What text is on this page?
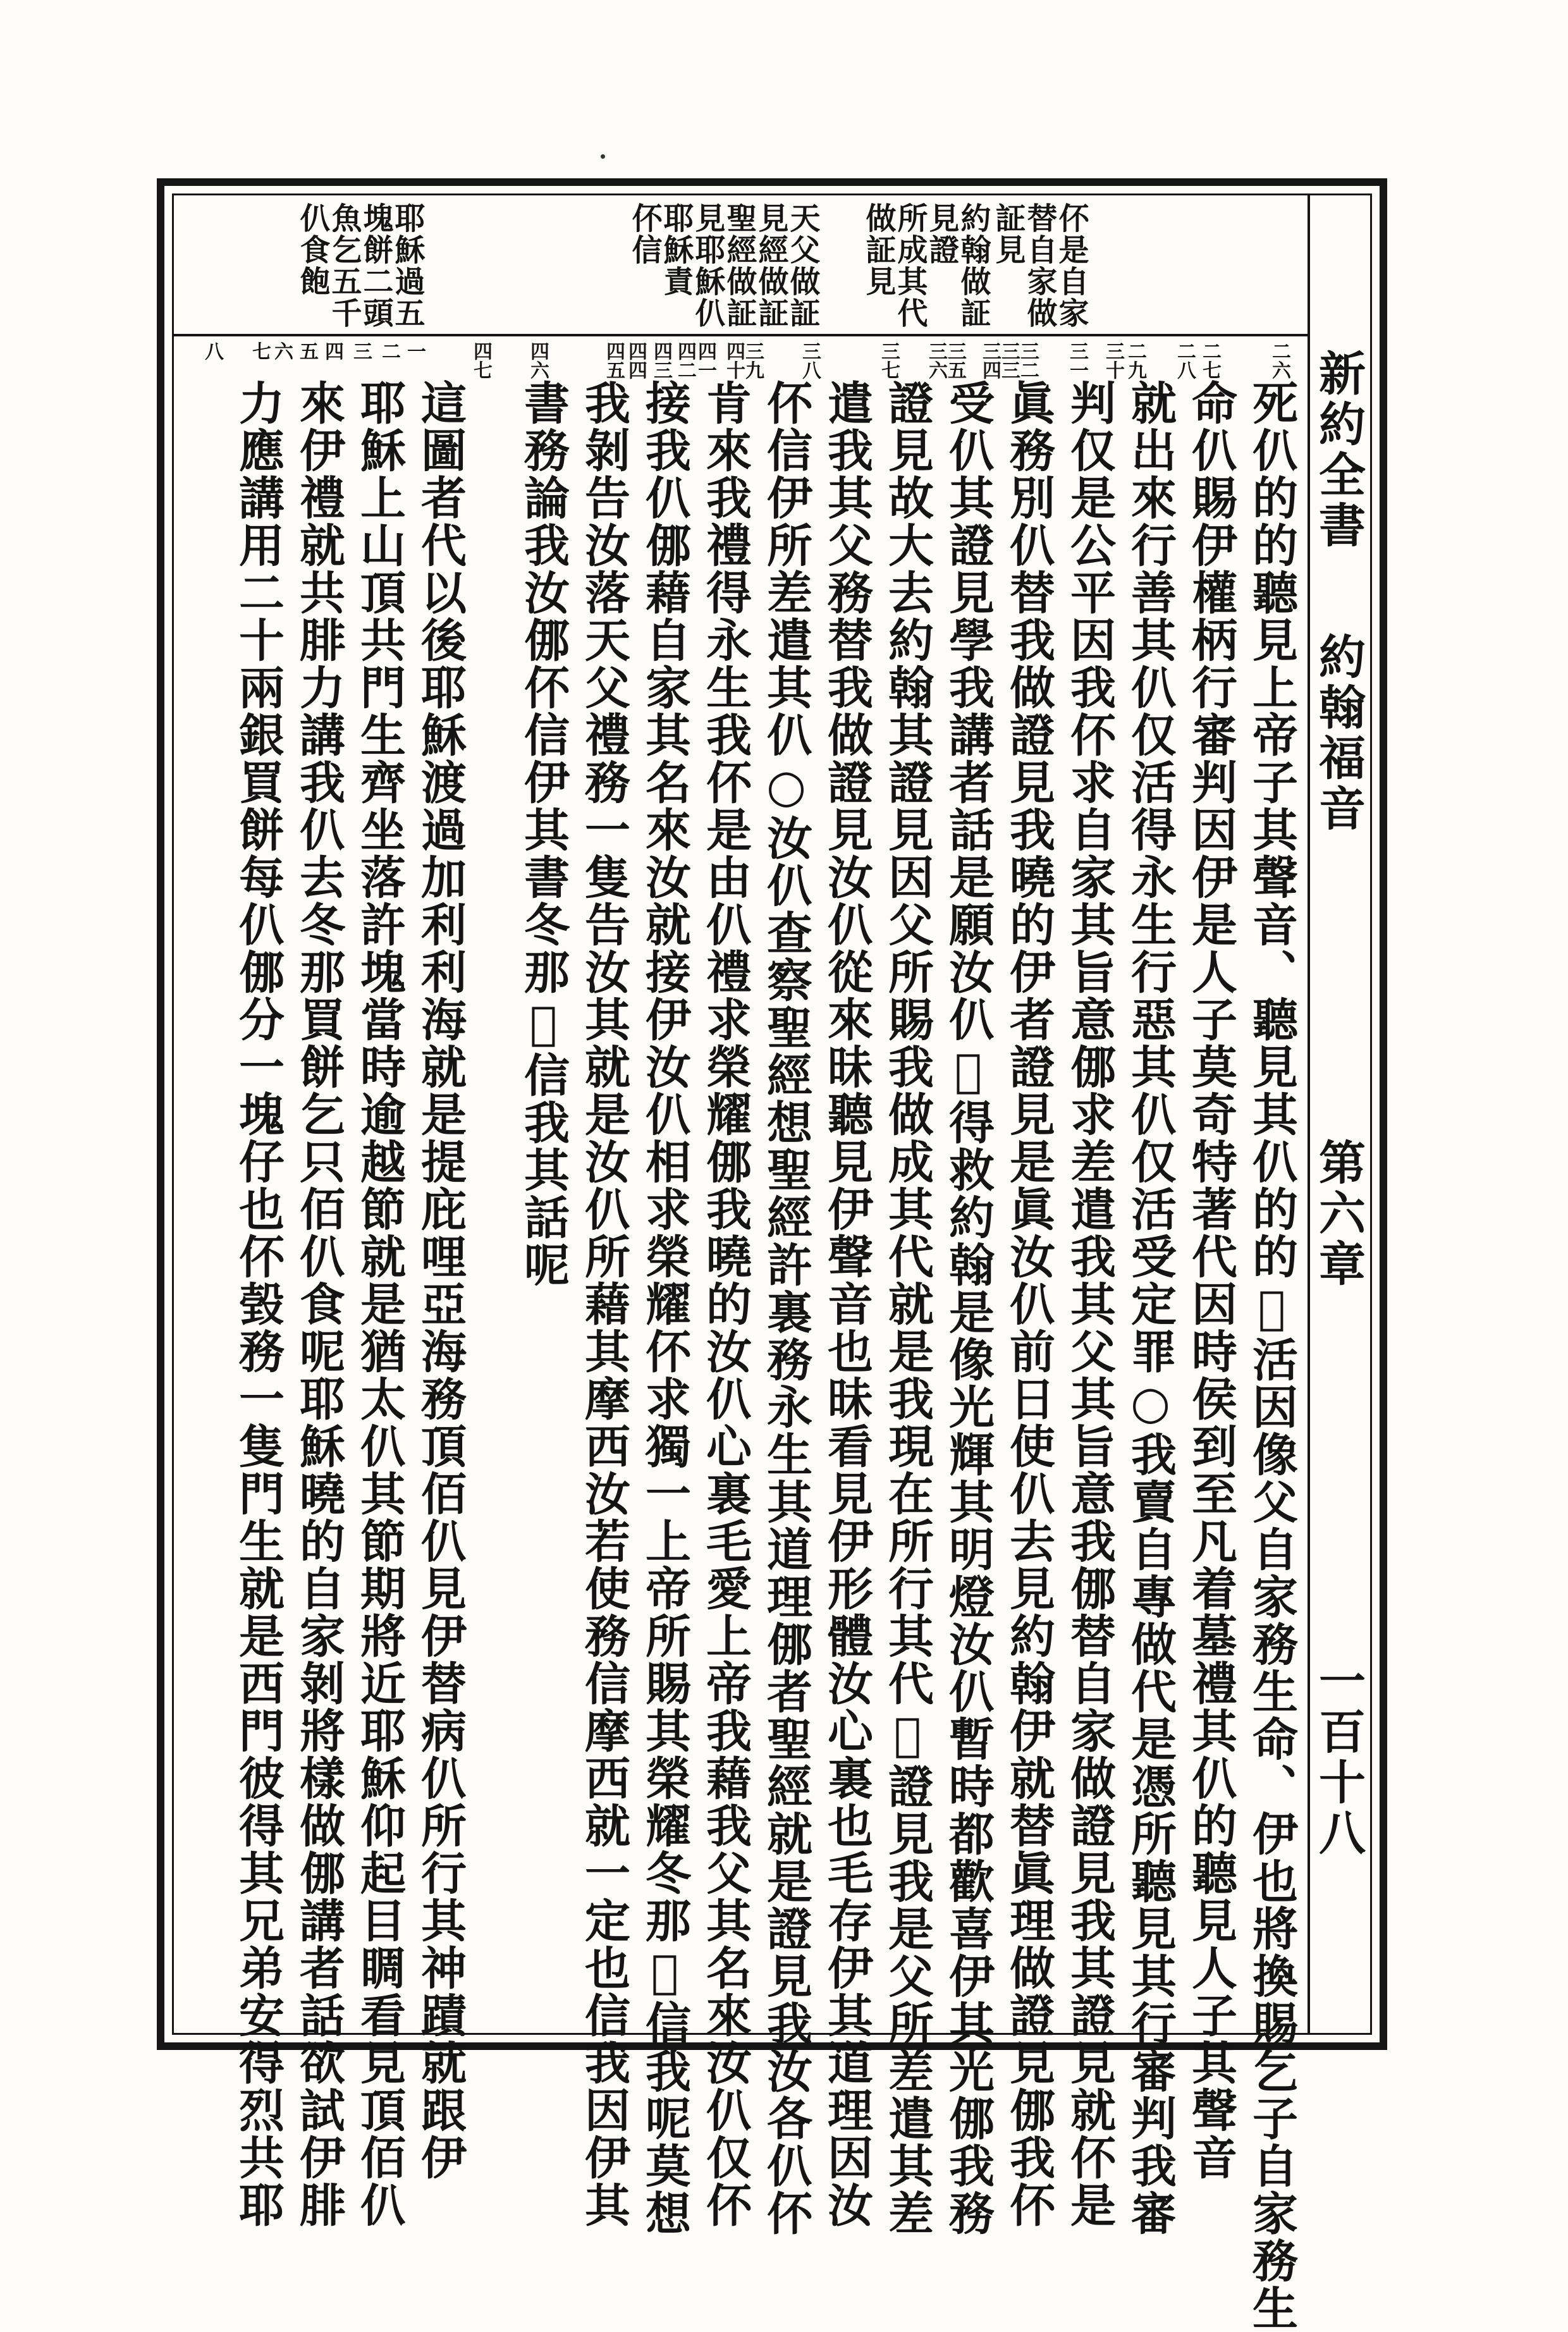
新約全書
約翰福音
第六章
一百十八
伓是自家
替自家做
証見
約翰做証
見證
所成其代
做証見
天父做証
見經做証
聖經做証
見耶穌仈
耶穌責
伓信
耶穌過五
塊餅二頭
魚乞五千
仈食飽
二六
二七
二八
二九
三十
三一
三二
三三
三四
三五
三六
三七
三八
三九
四十
四一
四二
四三
四四
四五
四六
四七
一
二
三
四
五
六
七
八
死仈的的聽見上帝子其聲音、聽見其仈的的𠑬活因像父自家務生命、伊也將換賜乞子自家務生
命仈賜伊權柄行審判因伊是人子莫奇特著代因時侯到至凡着墓禮其仈的聽見人子其聲音
就出來行善其仈仅活得永生行惡其仈仅活受定罪○我賣自專做代是憑所聽見其行審判我審
判仅是公平因我伓求自家其旨意㑚求差遣我其父其旨意我㑚替自家做證見我其證見就伓是
眞務別仈替我做證見我曉的伊者證見是眞汝仈前日使仈去見約翰伊就替眞理做證見㑚我伓
受仈其證見學我講者話是願汝仈𠑬得救約翰是像光輝其明燈汝仈暫時都歡喜伊其光㑚我務
證見故大去約翰其證見因父所賜我做成其代就是我現在所行其代𠑬證見我是父所差遣其差
遣我其父務替我做證見汝仈從來昧聽見伊聲音也昧看見伊形體汝心裏也毛存伊其道理因汝
伓信伊所差遣其仈○汝仈查察聖經想聖經許裏務永生其道理㑚者聖經就是證見我汝各仈伓
肯來我禮得永生我伓是由仈禮求榮耀㑚我曉的汝仈心裏毛愛上帝我藉我父其名來汝仈仅伓
接我仈㑚藉自家其名來汝就接伊汝仈相求榮耀伓求獨一上帝所賜其榮耀冬那𠑬信我呢莫想
我剝告汝落天父禮務一隻告汝其就是汝仈所藉其摩西汝若使務信摩西就一定也信我因伊其
書務論我汝㑚伓信伊其書冬那𠑬信我其話呢
這圖者代以後耶穌渡過加利利海就是提庇哩亞海務頂佰仈見伊替病仈所行其神蹟就跟伊
耶穌上山頂共門生齊坐落許塊當時逾越節就是猶太仈其節期將近耶穌仰起目睭看見頂佰仈
來伊禮就共腓力講我仈去冬那買餅乞只佰仈食呢耶穌曉的自家剝將樣做㑚講者話欲試伊腓
力應講用二十兩銀買餅每仈㑚分一塊仔也伓㲄務一隻門生就是西門彼得其兄弟安得烈共耶
